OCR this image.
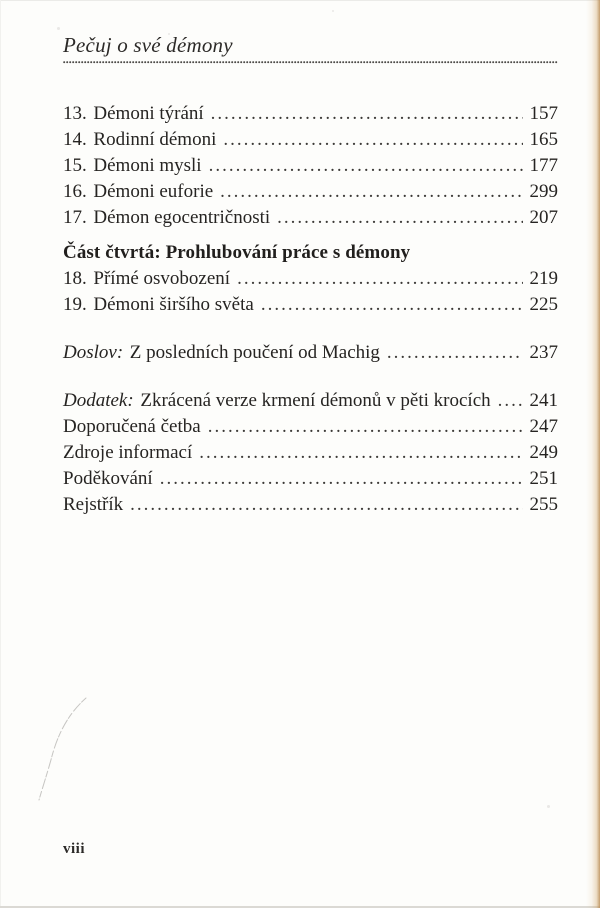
Pečuj o své démony
13. Démoni týrání .....	157
14. Rodinní démoni .....	165
15. Démoni mysli .....	177
16. Démoni euforie .....	299
17. Démon egocentričnosti .....	207
Část čtvrtá: Prohlubování práce s démony
18. Přímé osvobození .....	219
19. Démoni širšího světa .....	225
Doslov: Z posledních poučení od Machig .....	237
Dodatek: Zkrácená verze krmení démonů v pěti krocích ..... 241
Doporučená četba .....	247
Zdroje informací .....	249
Poděkování .....	251
Rejstřík .....	255
viii
